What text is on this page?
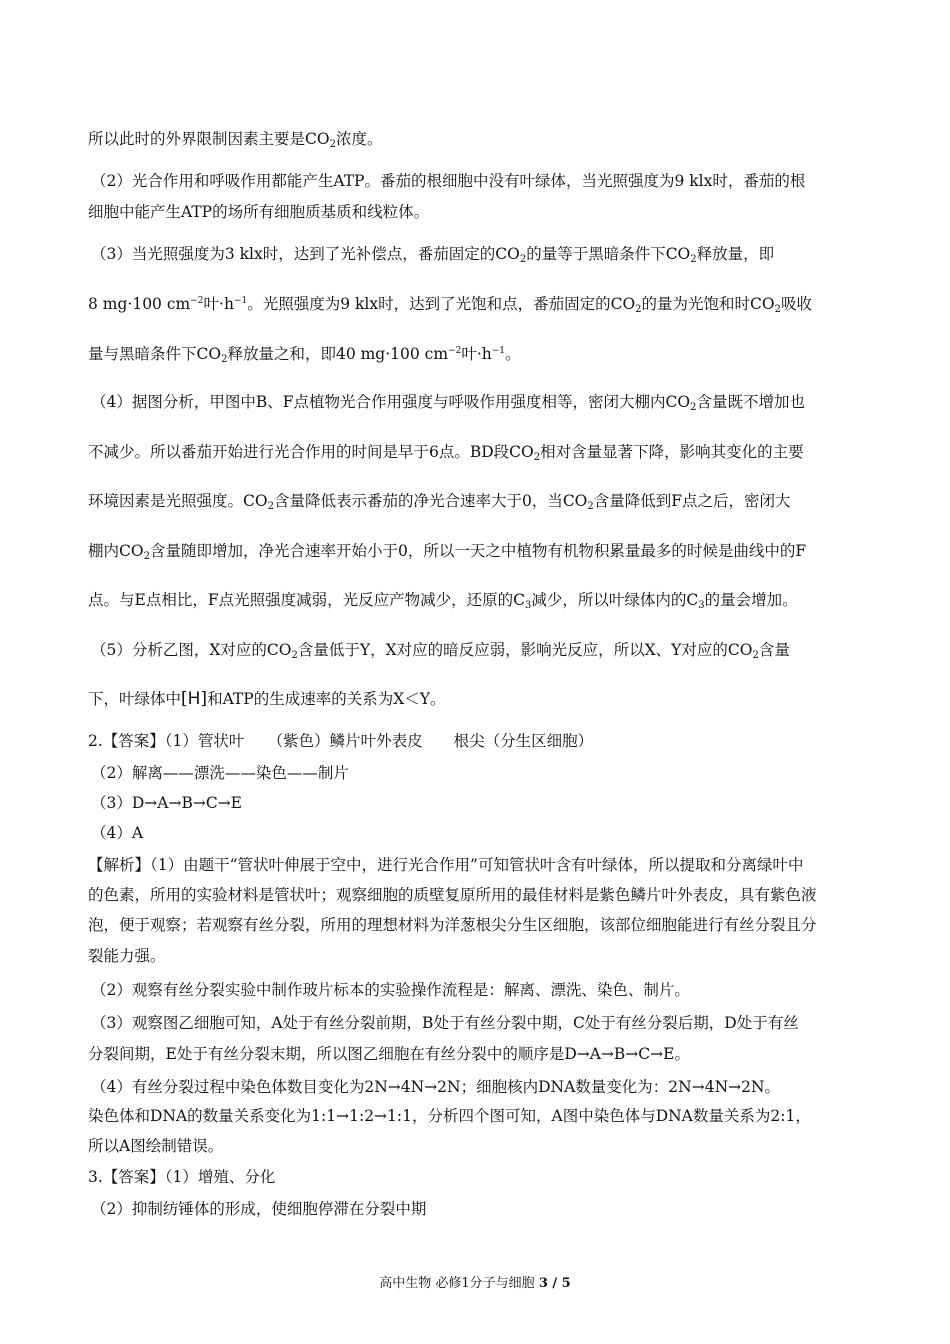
所以此时的外界限制因素主要是$CO_2$浓度。
（2）光合作用和呼吸作用都能产生ATP。番茄的根细胞中没有叶绿体，当光照强度为9 klx时，番茄的根
细胞中能产生ATP的场所有细胞质基质和线粒体。
（3）当光照强度为3 klx时，达到了光补偿点，番茄固定的$CO_2$的量等于黑暗条件下$CO_2$释放量，即
8 mg·100 $cm^{-2}$叶$\cdot h^{-1}$。光照强度为9 klx时，达到了光饱和点，番茄固定的$CO_2$的量为光饱和时$CO_2$吸收
量与黑暗条件下$CO_2$释放量之和，即40 mg·100 $cm^{-2}$叶$\cdot h^{-1}$。
（4）据图分析，甲图中B、F点植物光合作用强度与呼吸作用强度相等，密闭大棚内$CO_2$含量既不增加也
不减少。所以番茄开始进行光合作用的时间是早于6点。BD段$CO_2$相对含量显著下降，影响其变化的主要
环境因素是光照强度。$CO_2$含量降低表示番茄的净光合速率大于0，当$CO_2$含量降低到F点之后，密闭大
棚内$CO_2$含量随即增加，净光合速率开始小于0，所以一天之中植物有机物积累量最多的时候是曲线中的F
点。与E点相比，F点光照强度减弱，光反应产物减少，还原的$C_3$减少，所以叶绿体内的$C_3$的量会增加。
（5）分析乙图，X对应的$CO_2$含量低于Y，X对应的暗反应弱，影响光反应，所以X、Y对应的$CO_2$含量
下，叶绿体中[H]和ATP的生成速率的关系为X＜Y。
2.【答案】（1）管状叶　　（紫色）鳞片叶外表皮　　根尖（分生区细胞）
（2）解离——漂洗——染色——制片
（3）D→A→B→C→E
（4）A
【解析】（1）由题干“管状叶伸展于空中，进行光合作用”可知管状叶含有叶绿体，所以提取和分离绿叶中
的色素，所用的实验材料是管状叶；观察细胞的质壁复原所用的最佳材料是紫色鳞片叶外表皮，具有紫色液
泡，便于观察；若观察有丝分裂，所用的理想材料为洋葱根尖分生区细胞，该部位细胞能进行有丝分裂且分
裂能力强。
（2）观察有丝分裂实验中制作玻片标本的实验操作流程是：解离、漂洗、染色、制片。
（3）观察图乙细胞可知，A处于有丝分裂前期，B处于有丝分裂中期，C处于有丝分裂后期，D处于有丝
分裂间期，E处于有丝分裂末期，所以图乙细胞在有丝分裂中的顺序是D→A→B→C→E。
（4）有丝分裂过程中染色体数目变化为2N→4N→2N；细胞核内DNA数量变化为：2N→4N→2N。
染色体和DNA的数量关系变化为1:1→1:2→1:1，分析四个图可知，A图中染色体与DNA数量关系为2:1，
所以A图绘制错误。
3.【答案】（1）增殖、分化
（2）抑制纺锤体的形成，使细胞停滞在分裂中期
高中生物 必修1分子与细胞 3 / 5
